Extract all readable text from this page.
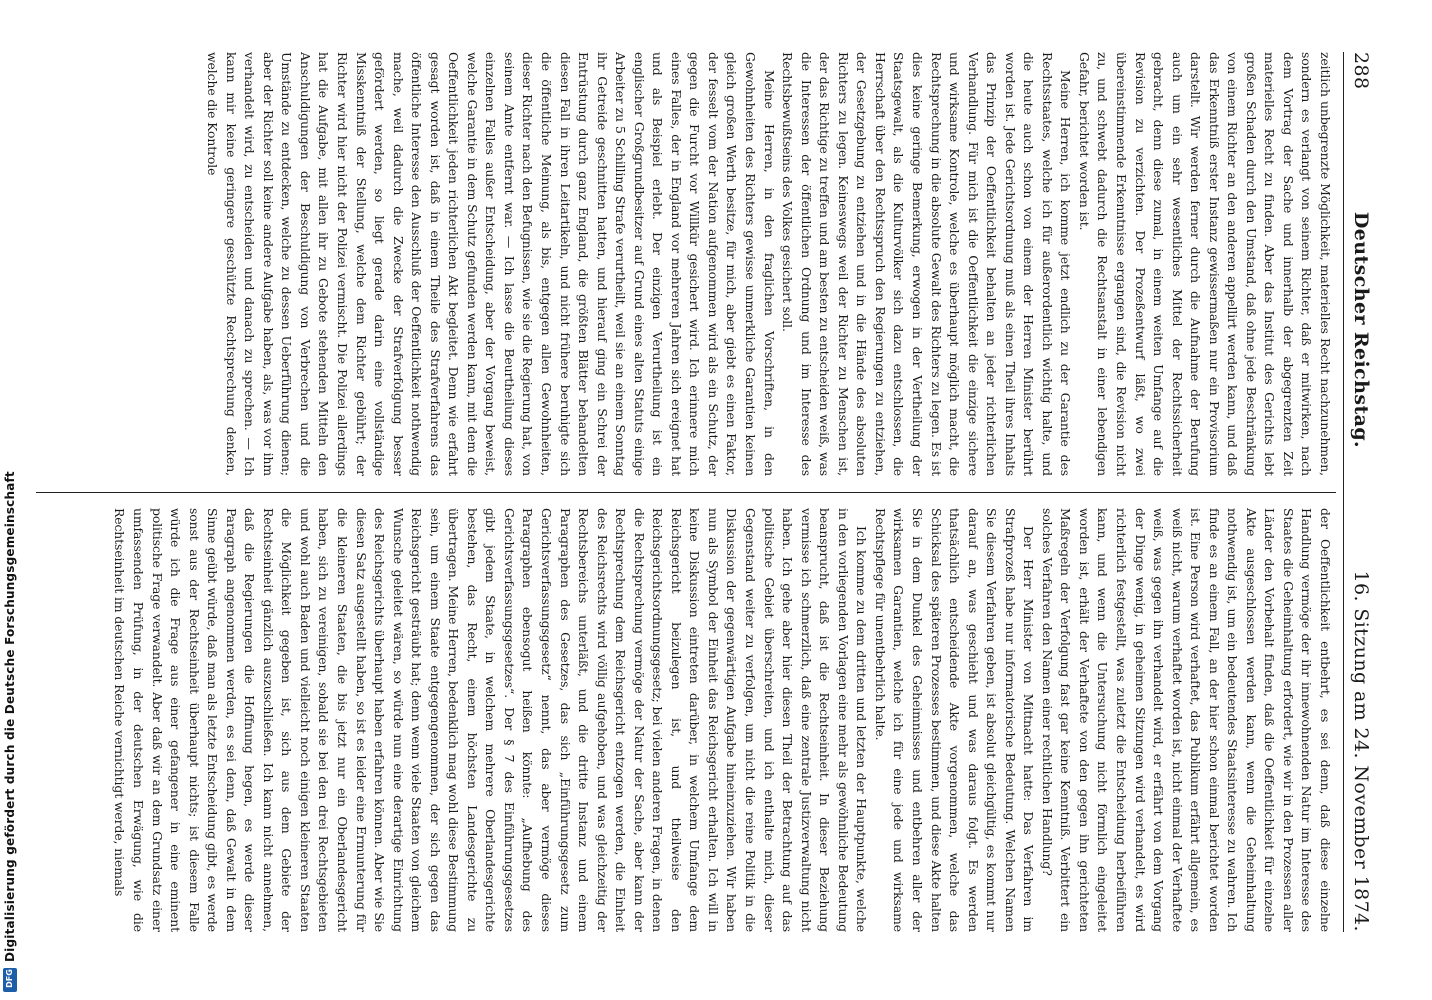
Digitalisierung gefördert durch die Deutsche Forschungsgemeinschaft
DFG
288
Deutscher Reichstag.
16. Sitzung am 24. November 1874.

zeitlich unbegrenzte Möglichkeit, materielles Recht nachzunehmen, sondern es verlangt von seinem Richter, daß er mitwirken, nach dem Vortrag der Sache und innerhalb der abgegrenzten Zeit materielles Recht zu finden. Aber das Institut des Gerichts lebt großen Schaden durch den Umstand, daß ohne jede Beschränkung von einem Richter an den anderen appellirt werden kann, und daß das Erkenntniß erster Instanz gewissermaßen nur ein Provisorium darstellt. Wir werden ferner durch die Aufnahme der Berufung auch um ein sehr wesentliches Mittel der Rechtssicherheit gebracht, denn diese zumal, in einem weiten Umfange auf die Revision zu verzichten. Der Prozeßentwurf läßt, wo zwei übereinstimmende Erkenntnisse ergangen sind, die Revision nicht zu, und schwebt dadurch die Rechtsanstalt in einer lebendigen Gefahr, berichtet worden ist.

Meine Herren, ich komme jetzt endlich zu der Garantie des Rechtsstaates, welche ich für außerordentlich wichtig halte, und die heute auch schon von einem der Herren Minister berührt worden ist. Jede Gerichtsordnung muß als einen Theil ihres Inhalts das Prinzip der Oeffentlichkeit behalten an jeder richterlichen Verhandlung. Für mich ist die Oeffentlichkeit die einzige sichere und wirksame Kontrole, welche es überhaupt möglich macht, die Rechtsprechung in die absolute Gewalt des Richters zu legen. Es ist dies keine geringe Bemerkung, erwogen in der Vertheilung der Staatsgewalt, als die Kulturvölker sich dazu entschlossen, die Herrschaft über den Rechtsspruch den Regierungen zu entziehen, der Gesetzgebung zu entziehen und in die Hände des absoluten Richters zu legen. Keineswegs weil der Richter zu Menschen ist, der das Richtige zu treffen und am besten zu entscheiden weiß, was die Interessen der öffentlichen Ordnung und im Interesse des Rechtsbewußtseins des Volkes gesichert soll.

Meine Herren, in den fraglichen Vorschriften, in den Gewohnheiten des Richters gewisse unmerkliche Garantien keinen gleich großen Werth besitze, für mich, aber giebt es einen Faktor, der fesselt vom der Nation aufgenommen wird als ein Schutz, der gegen die Furcht vor Willkür gesichert wird. Ich erinnere mich eines Falles, der in England vor mehreren Jahren sich ereignet hat und als Beispiel erlebt. Der einzigen Verurtheilung ist ein englischer Großgrundbesitzer auf Grund eines alten Statuts einige Arbeiter zu 5 Schilling Strafe verurtheilt, weil sie an einem Sonntag ihr Getreide geschnitten hatten, und hierauf ging ein Schrei der Entrüstung durch ganz England, die größten Blätter behandelten diesen Fall in ihren Leitartikeln, und nicht frühere beruhigte sich die öffentliche Meinung, als bis, entgegen allen Gewohnheiten, dieser Richter nach den Befugnissen, wie sie die Regierung hat, von seinem Amte entfernt war. — Ich lasse die Beurtheilung dieses einzelnen Falles außer Entscheidung, aber der Vorgang beweist, welche Garantie in dem Schutz gefunden werden kann, mit dem die Oeffentlichkeit jeden richterlichen Akt begleitet. Denn wie erfahrt gesagt worden ist, daß in einem Theile des Strafverfahrens das öffentliche Interesse den Ausschluß der Oeffentlichkeit nothwendig mache, weil dadurch die Zwecke der Strafverfolgung besser gefördert werden, so liegt gerade darin eine vollständige Misskenntniß der Stellung, welche dem Richter gebührt; der Richter wird hier nicht der Polizei vermischt. Die Polizei allerdings hat die Aufgabe, mit allen ihr zu Gebote stehenden Mitteln den Anschuldigungen der Beschuldigung von Verbrechen und die Umstände zu entdecken, welche zu dessen Ueberführung dienen; aber der Richter soll keine andere Aufgabe haben, als, was vor ihm verhandelt wird, zu entscheiden und danach zu sprechen. — Ich kann mir keine geringere geschützte Rechtsprechung denken, welche die Kontrole

der Oeffentlichkeit entbehrt, es sei denn, daß diese einzelne Handlung vermöge der ihr innewohnenden Natur im Interesse des Staates die Geheimhaltung erfordert, wie wir in den Prozessen aller Länder den Vorbehalt finden, daß die Oeffentlichkeit für einzelne Akte ausgeschlossen werden kann, wenn die Geheimhaltung nothwendig ist, um ein bedeutendes Staatsinteresse zu wahren. Ich finde es an einem Fall, an der hier schon einmal berichtet worden ist. Eine Person wird verhaftet, das Publikum erfährt allgemein, es weiß nicht, warum verhaftet worden ist, nicht einmal der Verhaftete weiß, was gegen ihn verhandelt wird, er erfährt von dem Vorgang der Dinge wenig, in geheimen Sitzungen wird verhandelt, es wird richterlich festgestellt, was zuletzt die Entscheidung herbeiführen kann, und wenn die Untersuchung nicht förmlich eingeleitet worden ist, erhält der Verhaftete von den gegen ihn gerichteten Maßregeln der Verfolgung fast gar keine Kenntniß. Verbittert ein solches Verfahren den Namen einer rechtlichen Handlung?

Der Herr Minister von Mittnacht hatte: Das Verfahren im Strafprozeß habe nur informatorische Bedeutung. Welchen Namen Sie diesem Verfahren geben, ist absolut gleichgültig, es kommt nur darauf an, was geschieht und was daraus folgt. Es werden thatsächlich entscheidende Akte vorgenommen, welche das Schicksal des späteren Prozesses bestimmen, und diese Akte halten Sie in dem Dunkel des Geheimnisses und entbehren aller der wirksamen Garantien, welche ich für eine jede und wirksame Rechtspflege für unentbehrlich halte.

Ich komme zu dem dritten und letzten der Hauptpunkte, welche in den vorliegenden Vorlagen eine mehr als gewöhnliche Bedeutung beansprucht, daß ist die Rechtseinheit. In dieser Beziehung vermisse ich schmerzlich, daß eine zentrale Justizverwaltung nicht haben. Ich gehe aber hier diesen Theil der Betrachtung auf das politische Gebiet überschreiten, und ich enthalte mich, dieser Gegenstand weiter zu verfolgen, um nicht die reine Politik in die Diskussion der gegenwärtigen Aufgabe hineinzuziehen. Wir haben nun als Symbol der Einheit das Reichsgericht erhalten. Ich will in keine Diskussion eintreten darüber, in welchem Umfange dem Reichsgericht beizulegen ist, und theilweise den Reichsgerichtsordnungsgesetz; bei vielen anderen Fragen, in denen die Rechtsprechung vermöge der Natur der Sache, aber kann der Rechtsprechung dem Reichsgericht entzogen werden, die Einheit des Reichsrechts wird völlig aufgehoben, und was gleichzeitig der Rechtsbereichs unterläßt, und die dritte Instanz und einem Paragraphen des Gesetzes, das sich „Einführungsgesetz zum Gerichtsverfassungsgesetz“ nennt, das aber vermöge dieses Paragraphen ebensogut heißen könnte: „Aufhebung des Gerichtsverfassungsgesetzes“. Der § 7 des Einführungsgesetzes gibt jedem Staate, in welchem mehrere Oberlandesgerichte bestehen, das Recht, einem höchsten Landesgerichte zu übertragen. Meine Herren, bedenklich mag wohl diese Bestimmung sein, um einem Staate entgegengenommen, der sich gegen das Reichsgericht gesträubt hat; denn wenn viele Staaten von gleichem Wunsche geleitet wären, so würde nun eine derartige Einrichtung des Reichsgerichts überhaupt haben erfahren können. Aber wie Sie diesen Satz ausgestellt haben, so ist es leider eine Ermunterung für die kleineren Staaten, die bis jetzt nur ein Oberlandesgericht haben, sich zu vereinigen, sobald sie bei den drei Rechtsgebieten und wohl auch Baden und vielleicht noch einigen kleineren Staaten die Möglichkeit gegeben ist, sich aus dem Gebiete der Rechtseinheit gänzlich auszuschließen. Ich kann nicht annehmen, daß die Regierungen die Hoffnung hegen, es werde dieser Paragraph angenommen werden, es sei denn, daß Gewalt in dem Sinne geübt würde, daß man als letzte Entscheidung gibt, es werde sonst aus der Rechtseinheit überhaupt nichts; ist diesem Falle würde ich die Frage aus einer gefangener in eine eminent politische Frage verwandelt. Aber daß wir an dem Grundsatz einer umfassenden Prüfung, in der deutschen Erwägung, wie die Rechtseinheit im deutschen Reiche vernichtigt werde, niemals
